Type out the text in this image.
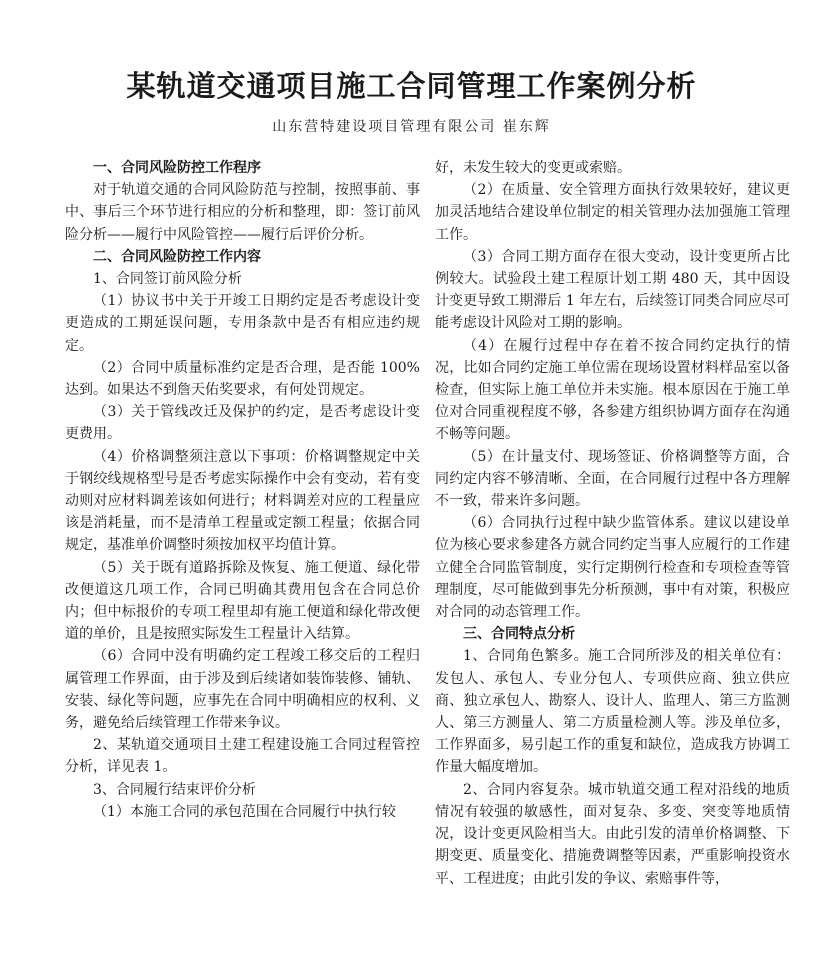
某轨道交通项目施工合同管理工作案例分析
山东营特建设项目管理有限公司 崔东辉

一、合同风险防控工作程序

对于轨道交通的合同风险防范与控制，按照事前、事中、事后三个环节进行相应的分析和整理，即：签订前风险分析——履行中风险管控——履行后评价分析。

二、合同风险防控工作内容

1、合同签订前风险分析

（1）协议书中关于开竣工日期约定是否考虑设计变更造成的工期延误问题，专用条款中是否有相应违约规定。

（2）合同中质量标准约定是否合理，是否能 100% 达到。如果达不到詹天佑奖要求，有何处罚规定。

（3）关于管线改迁及保护的约定，是否考虑设计变更费用。

（4）价格调整须注意以下事项：价格调整规定中关于钢绞线规格型号是否考虑实际操作中会有变动，若有变动则对应材料调差该如何进行；材料调差对应的工程量应该是消耗量，而不是清单工程量或定额工程量；依据合同规定，基准单价调整时须按加权平均值计算。

（5）关于既有道路拆除及恢复、施工便道、绿化带改便道这几项工作，合同已明确其费用包含在合同总价内；但中标报价的专项工程里却有施工便道和绿化带改便道的单价，且是按照实际发生工程量计入结算。

（6）合同中没有明确约定工程竣工移交后的工程归属管理工作界面，由于涉及到后续诸如装饰装修、铺轨、安装、绿化等问题，应事先在合同中明确相应的权利、义务，避免给后续管理工作带来争议。

2、某轨道交通项目土建工程建设施工合同过程管控分析，详见表 1。

3、合同履行结束评价分析

（1）本施工合同的承包范围在合同履行中执行较

好，未发生较大的变更或索赔。

（2）在质量、安全管理方面执行效果较好，建议更加灵活地结合建设单位制定的相关管理办法加强施工管理工作。

（3）合同工期方面存在很大变动，设计变更所占比例较大。试验段土建工程原计划工期 480 天，其中因设计变更导致工期滞后 1 年左右，后续签订同类合同应尽可能考虑设计风险对工期的影响。

（4）在履行过程中存在着不按合同约定执行的情况，比如合同约定施工单位需在现场设置材料样品室以备检查，但实际上施工单位并未实施。根本原因在于施工单位对合同重视程度不够，各参建方组织协调方面存在沟通不畅等问题。

（5）在计量支付、现场签证、价格调整等方面，合同约定内容不够清晰、全面，在合同履行过程中各方理解不一致，带来许多问题。

（6）合同执行过程中缺少监管体系。建议以建设单位为核心要求参建各方就合同约定当事人应履行的工作建立健全合同监管制度，实行定期例行检查和专项检查等管理制度，尽可能做到事先分析预测，事中有对策，积极应对合同的动态管理工作。

三、合同特点分析

1、合同角色繁多。施工合同所涉及的相关单位有：发包人、承包人、专业分包人、专项供应商、独立供应商、独立承包人、勘察人、设计人、监理人、第三方监测人、第三方测量人、第二方质量检测人等。涉及单位多，工作界面多，易引起工作的重复和缺位，造成我方协调工作量大幅度增加。

2、合同内容复杂。城市轨道交通工程对沿线的地质情况有较强的敏感性，面对复杂、多变、突变等地质情况，设计变更风险相当大。由此引发的清单价格调整、下期变更、质量变化、措施费调整等因素，严重影响投资水平、工程进度；由此引发的争议、索赔事件等，
